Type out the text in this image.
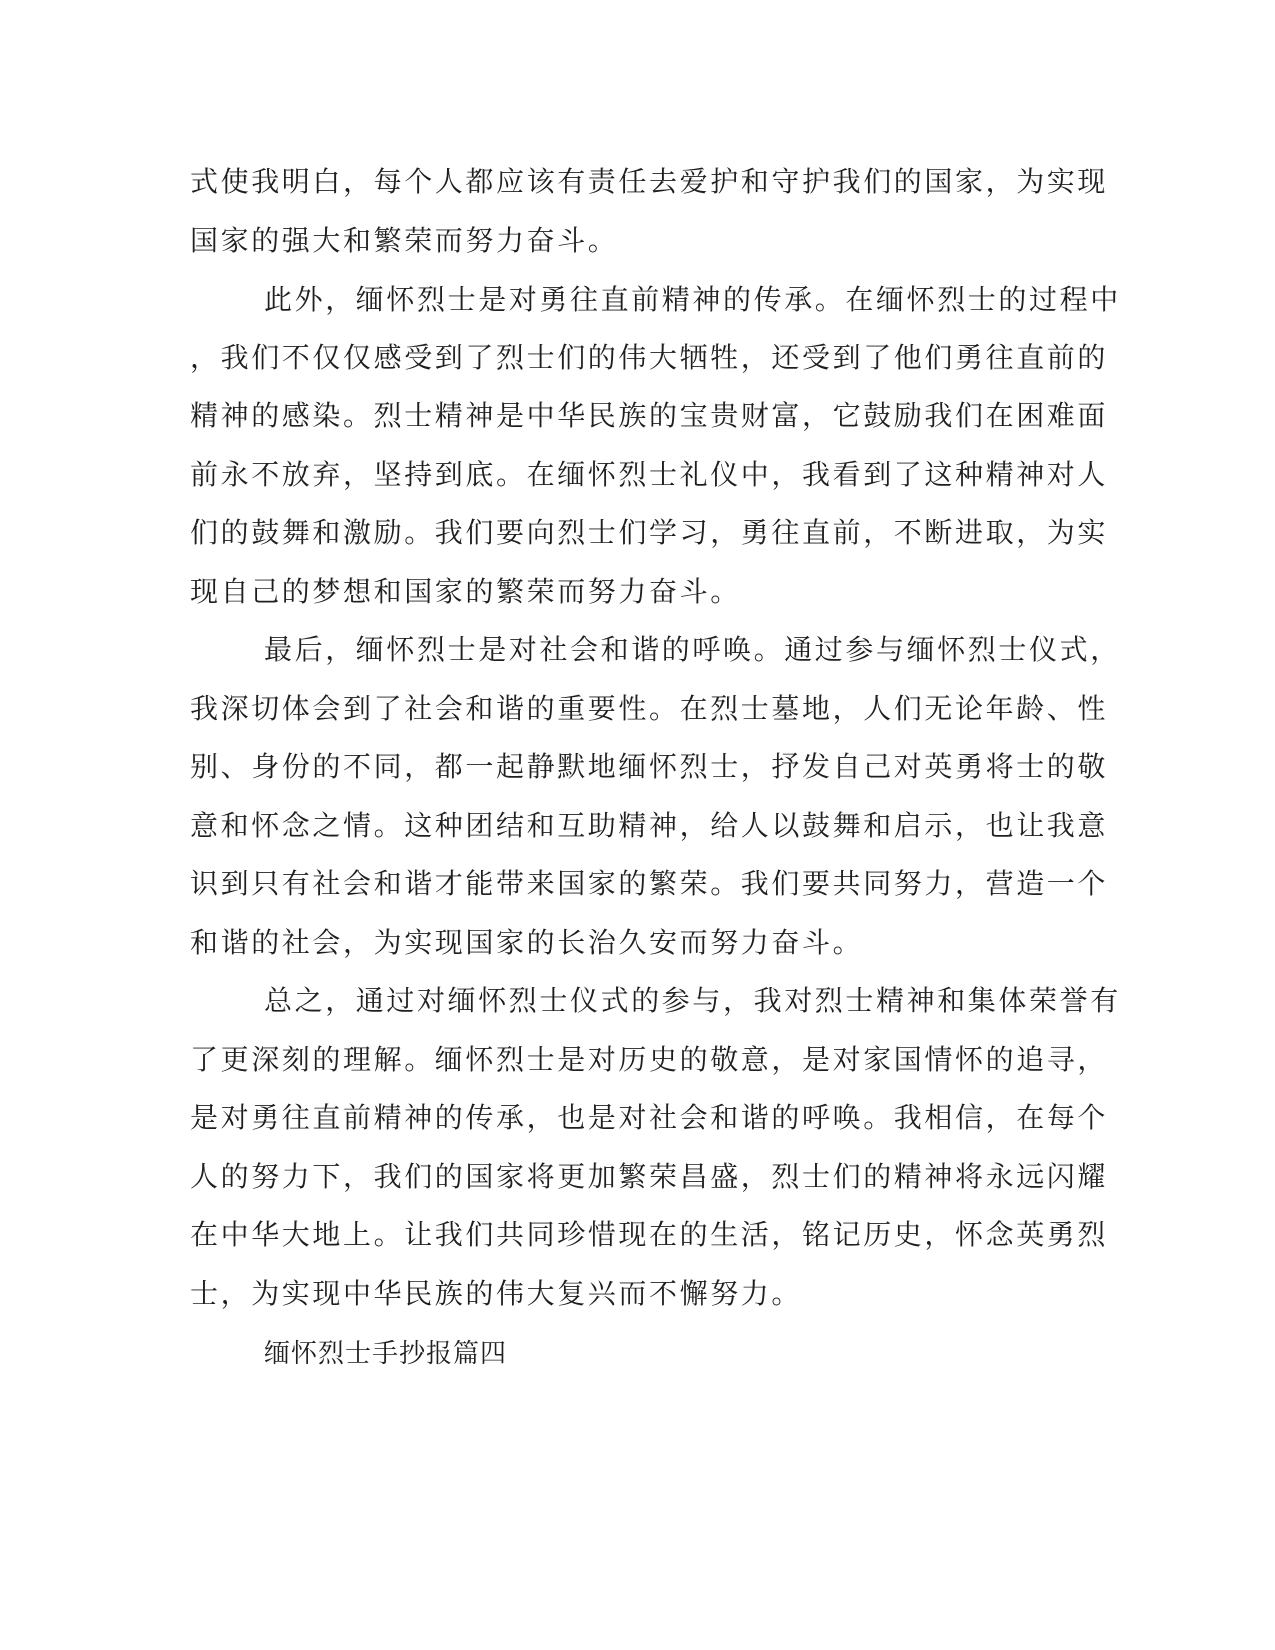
式使我明白，每个人都应该有责任去爱护和守护我们的国家，为实现
国家的强大和繁荣而努力奋斗。
此外，缅怀烈士是对勇往直前精神的传承。在缅怀烈士的过程中
，我们不仅仅感受到了烈士们的伟大牺牲，还受到了他们勇往直前的
精神的感染。烈士精神是中华民族的宝贵财富，它鼓励我们在困难面
前永不放弃，坚持到底。在缅怀烈士礼仪中，我看到了这种精神对人
们的鼓舞和激励。我们要向烈士们学习，勇往直前，不断进取，为实
现自己的梦想和国家的繁荣而努力奋斗。
最后，缅怀烈士是对社会和谐的呼唤。通过参与缅怀烈士仪式，
我深切体会到了社会和谐的重要性。在烈士墓地，人们无论年龄、性
别、身份的不同，都一起静默地缅怀烈士，抒发自己对英勇将士的敬
意和怀念之情。这种团结和互助精神，给人以鼓舞和启示，也让我意
识到只有社会和谐才能带来国家的繁荣。我们要共同努力，营造一个
和谐的社会，为实现国家的长治久安而努力奋斗。
总之，通过对缅怀烈士仪式的参与，我对烈士精神和集体荣誉有
了更深刻的理解。缅怀烈士是对历史的敬意，是对家国情怀的追寻，
是对勇往直前精神的传承，也是对社会和谐的呼唤。我相信，在每个
人的努力下，我们的国家将更加繁荣昌盛，烈士们的精神将永远闪耀
在中华大地上。让我们共同珍惜现在的生活，铭记历史，怀念英勇烈
士，为实现中华民族的伟大复兴而不懈努力。
缅怀烈士手抄报篇四
